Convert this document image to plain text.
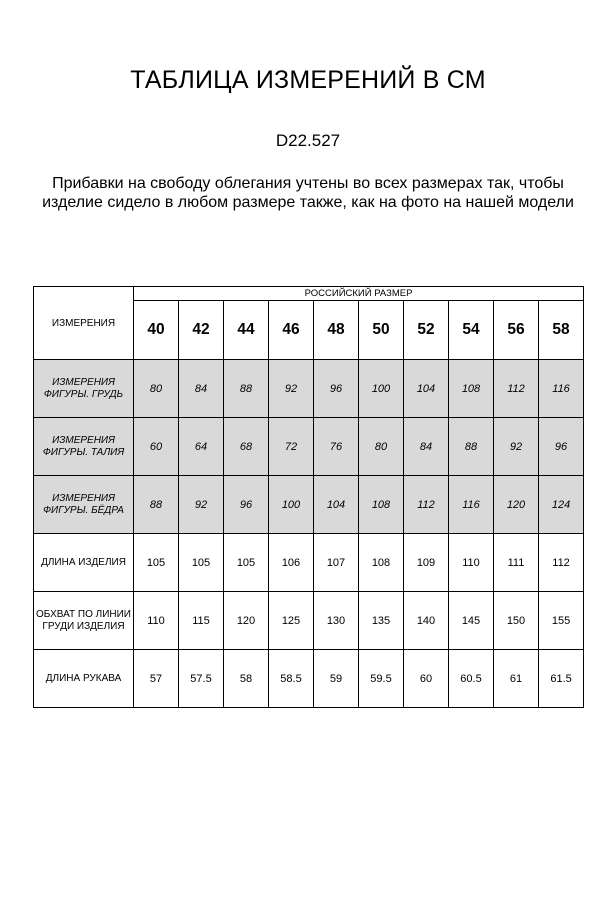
ТАБЛИЦА ИЗМЕРЕНИЙ В СМ

D22.527

Прибавки на свободу облегания учтены во всех размерах так, чтобы изделие сидело в любом размере также, как на фото на нашей модели

ИЗМЕРЕНИЯ	РОССИЙСКИЙ РАЗМЕР									
	40	42	44	46	48	50	52	54	56	58
ИЗМЕРЕНИЯ ФИГУРЫ. ГРУДЬ	80	84	88	92	96	100	104	108	112	116
ИЗМЕРЕНИЯ ФИГУРЫ. ТАЛИЯ	60	64	68	72	76	80	84	88	92	96
ИЗМЕРЕНИЯ ФИГУРЫ. БЁДРА	88	92	96	100	104	108	112	116	120	124
ДЛИНА ИЗДЕЛИЯ	105	105	105	106	107	108	109	110	111	112
ОБХВАТ ПО ЛИНИИ ГРУДИ ИЗДЕЛИЯ	110	115	120	125	130	135	140	145	150	155
ДЛИНА РУКАВА	57	57.5	58	58.5	59	59.5	60	60.5	61	61.5
